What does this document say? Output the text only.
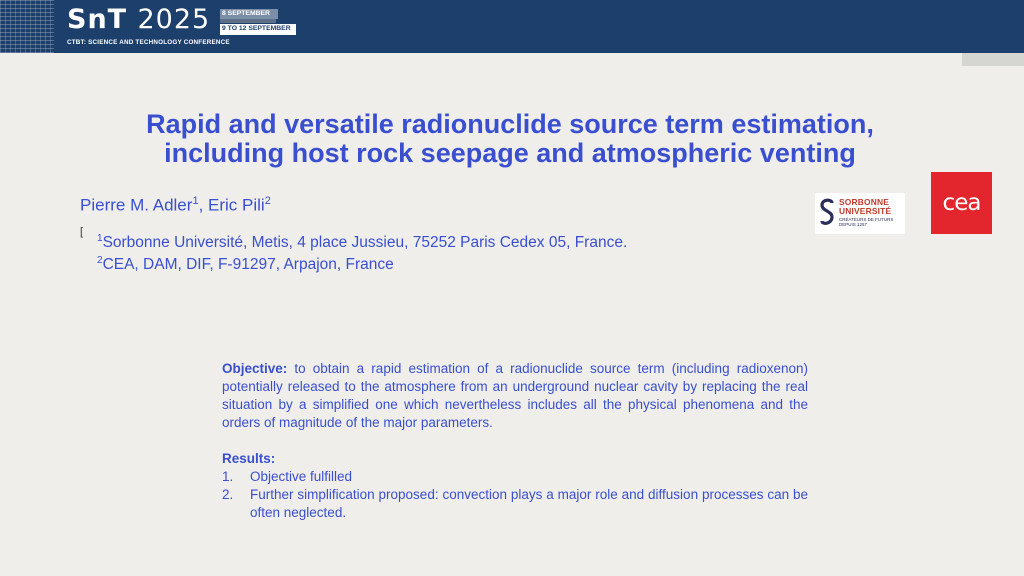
SnT 2025
CTBT: SCIENCE AND TECHNOLOGY CONFERENCE
8 SEPTEMBER
9 TO 12 SEPTEMBER
Rapid and versatile radionuclide source term estimation,
including host rock seepage and atmospheric venting
Pierre M. Adler$^1$, Eric Pili$^2$
[
$^1$Sorbonne Université, Metis, 4 place Jussieu, 75252 Paris Cedex 05, France.
$^2$CEA, DAM, DIF, F-91297, Arpajon, France
SORBONNE
UNIVERSITÉ
CRÉATEURS DE FUTURS
DEPUIS 1257
cea

Objective: to obtain a rapid estimation of a radionuclide source term (including radioxenon) potentially released to the atmosphere from an underground nuclear cavity by replacing the real situation by a simplified one which nevertheless includes all the physical phenomena and the orders of magnitude of the major parameters.

Results:

1. Objective fulfilled
2. Further simplification proposed: convection plays a major role and diffusion processes can be often neglected.
